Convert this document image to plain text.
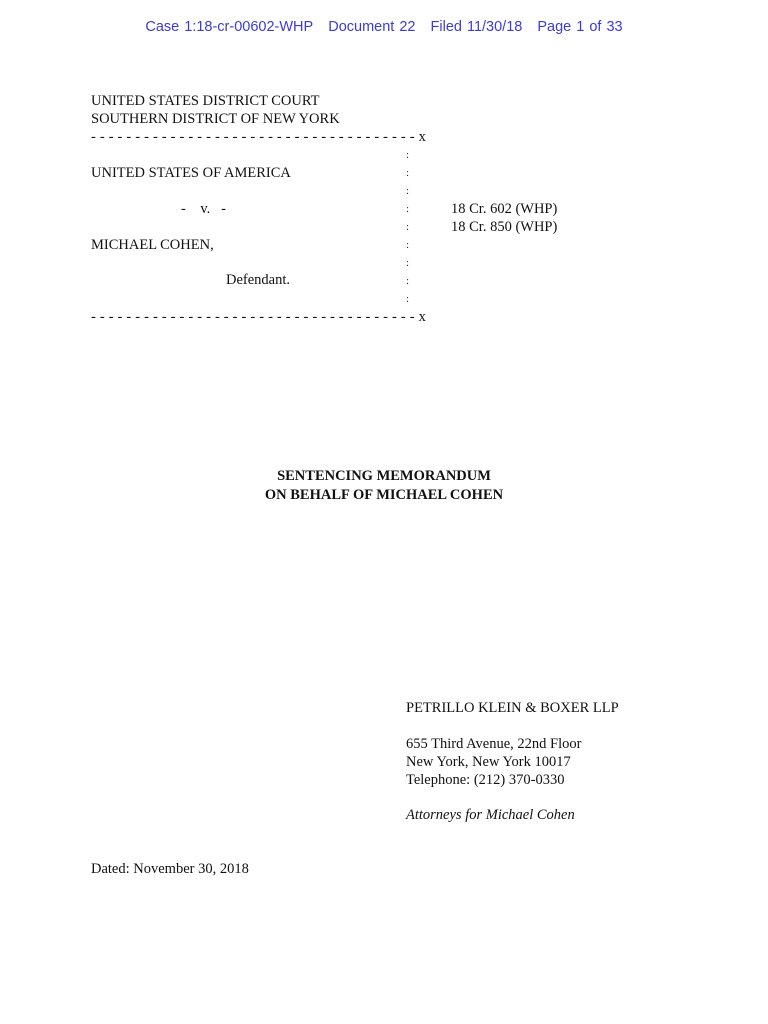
Case 1:18-cr-00602-WHP Document 22 Filed 11/30/18 Page 1 of 33
UNITED STATES DISTRICT COURT
SOUTHERN DISTRICT OF NEW YORK
- - - - - - - - - - - - - - - - - - - - - - - - - - - - - - - - - - - - - x
:
:
:
:
:
:
:
:
:
UNITED STATES OF AMERICA
-    v.   -	18 Cr. 602 (WHP)
18 Cr. 850 (WHP)
MICHAEL COHEN,
Defendant.
- - - - - - - - - - - - - - - - - - - - - - - - - - - - - - - - - - - - - x
SENTENCING MEMORANDUM
ON BEHALF OF MICHAEL COHEN
PETRILLO KLEIN & BOXER LLP
655 Third Avenue, 22nd Floor
New York, New York 10017
Telephone: (212) 370-0330
Attorneys for Michael Cohen
Dated: November 30, 2018
